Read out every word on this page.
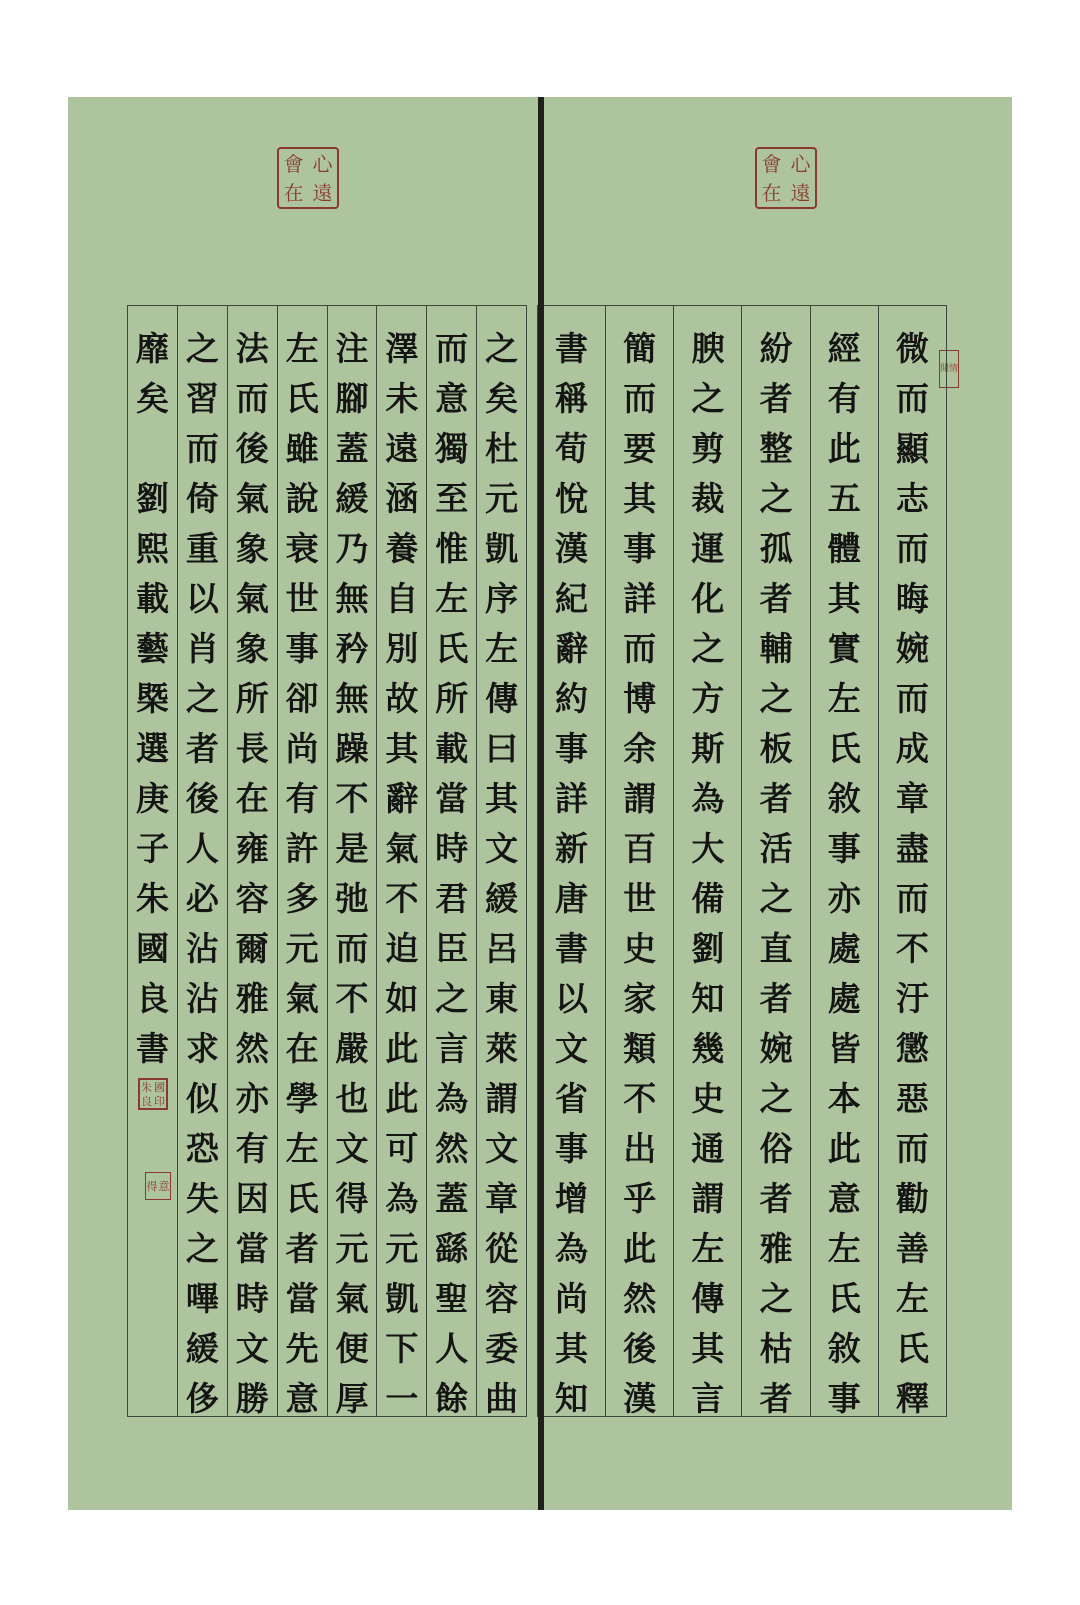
會 心
在 遠
會 心
在 遠
閒 情
微
而
顯
志
而
晦
婉
而
成
章
盡
而
不
汙
懲
惡
而
勸
善
左
氏
釋
經
有
此
五
體
其
實
左
氏
敘
事
亦
處
處
皆
本
此
意
左
氏
敘
事
紛
者
整
之
孤
者
輔
之
板
者
活
之
直
者
婉
之
俗
者
雅
之
枯
者
腴
之
剪
裁
運
化
之
方
斯
為
大
備
劉
知
幾
史
通
謂
左
傳
其
言
簡
而
要
其
事
詳
而
博
余
謂
百
世
史
家
類
不
出
乎
此
然
後
漢
書
稱
荀
悅
漢
紀
辭
約
事
詳
新
唐
書
以
文
省
事
增
為
尚
其
知
之
矣
杜
元
凱
序
左
傳
曰
其
文
緩
呂
東
萊
謂
文
章
從
容
委
曲
而
意
獨
至
惟
左
氏
所
載
當
時
君
臣
之
言
為
然
蓋
繇
聖
人
餘
澤
未
遠
涵
養
自
別
故
其
辭
氣
不
迫
如
此
此
可
為
元
凱
下
一
注
腳
蓋
緩
乃
無
矜
無
躁
不
是
弛
而
不
嚴
也
文
得
元
氣
便
厚
左
氏
雖
說
衰
世
事
卻
尚
有
許
多
元
氣
在
學
左
氏
者
當
先
意
法
而
後
氣
象
氣
象
所
長
在
雍
容
爾
雅
然
亦
有
因
當
時
文
勝
之
習
而
倚
重
以
肖
之
者
後
人
必
沾
沾
求
似
恐
失
之
嗶
緩
侈
靡
矣
劉
熙
載
藝
槩
選
庚
子
朱
國
良
書
朱 國
良 印
得 意
